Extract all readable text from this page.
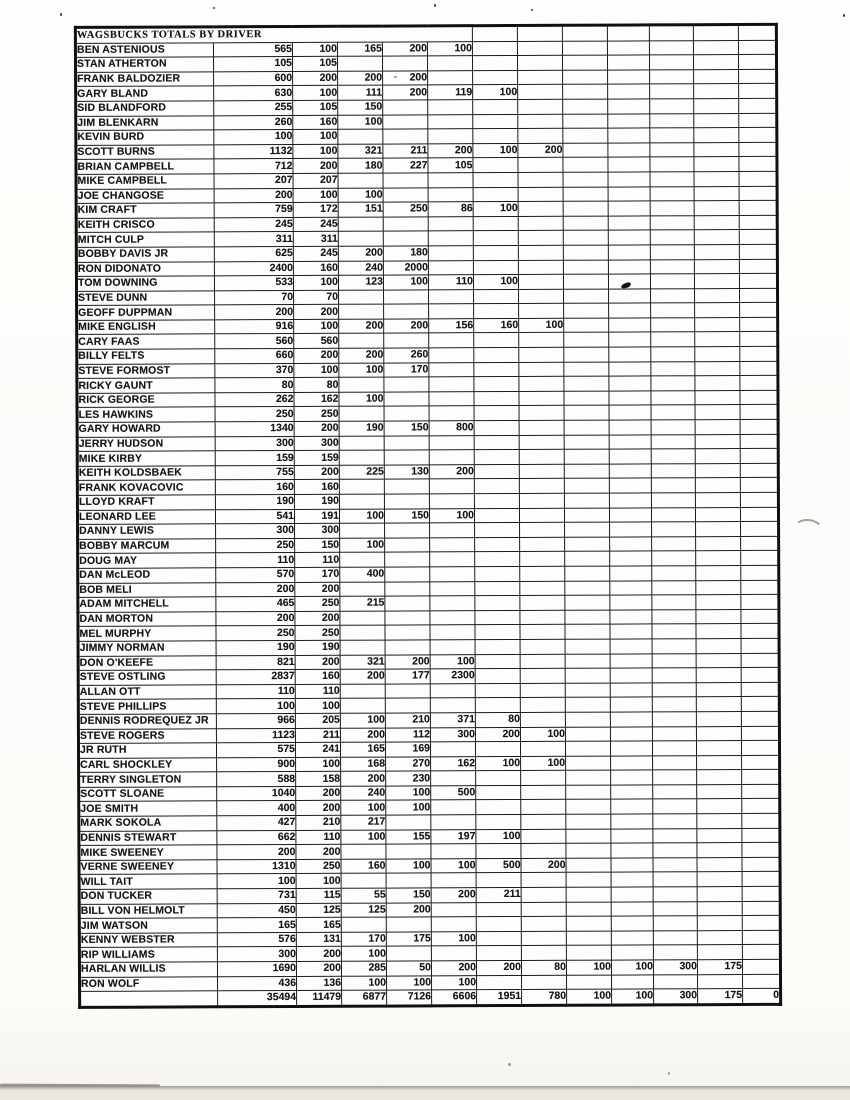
WAGSBUCKS TOTALS BY DRIVER												
BEN ASTENIOUS	565	100	165	200	100							
STAN ATHERTON	105	105										
FRANK BALDOZIER	600	200	200	200								
GARY BLAND	630	100	111	200	119	100						
SID BLANDFORD	255	105	150									
JIM BLENKARN	260	160	100									
KEVIN BURD	100	100										
SCOTT BURNS	1132	100	321	211	200	100	200					
BRIAN CAMPBELL	712	200	180	227	105							
MIKE CAMPBELL	207	207										
JOE CHANGOSE	200	100	100									
KIM CRAFT	759	172	151	250	86	100						
KEITH CRISCO	245	245										
MITCH CULP	311	311										
BOBBY DAVIS JR	625	245	200	180								
RON DIDONATO	2400	160	240	2000								
TOM DOWNING	533	100	123	100	110	100						
STEVE DUNN	70	70										
GEOFF DUPPMAN	200	200										
MIKE ENGLISH	916	100	200	200	156	160	100					
CARY FAAS	560	560										
BILLY FELTS	660	200	200	260								
STEVE FORMOST	370	100	100	170								
RICKY GAUNT	80	80										
RICK GEORGE	262	162	100									
LES HAWKINS	250	250										
GARY HOWARD	1340	200	190	150	800							
JERRY HUDSON	300	300										
MIKE KIRBY	159	159										
KEITH KOLDSBAEK	755	200	225	130	200							
FRANK KOVACOVIC	160	160										
LLOYD KRAFT	190	190										
LEONARD LEE	541	191	100	150	100							
DANNY LEWIS	300	300										
BOBBY MARCUM	250	150	100									
DOUG MAY	110	110										
DAN McLEOD	570	170	400									
BOB MELI	200	200										
ADAM MITCHELL	465	250	215									
DAN MORTON	200	200										
MEL MURPHY	250	250										
JIMMY NORMAN	190	190										
DON O'KEEFE	821	200	321	200	100							
STEVE OSTLING	2837	160	200	177	2300							
ALLAN OTT	110	110										
STEVE PHILLIPS	100	100										
DENNIS RODREQUEZ JR	966	205	100	210	371	80						
STEVE ROGERS	1123	211	200	112	300	200	100					
JR RUTH	575	241	165	169								
CARL SHOCKLEY	900	100	168	270	162	100	100					
TERRY SINGLETON	588	158	200	230								
SCOTT SLOANE	1040	200	240	100	500							
JOE SMITH	400	200	100	100								
MARK SOKOLA	427	210	217									
DENNIS STEWART	662	110	100	155	197	100						
MIKE SWEENEY	200	200										
VERNE SWEENEY	1310	250	160	100	100	500	200					
WILL TAIT	100	100										
DON TUCKER	731	115	55	150	200	211						
BILL VON HELMOLT	450	125	125	200								
JIM WATSON	165	165										
KENNY WEBSTER	576	131	170	175	100							
RIP WILLIAMS	300	200	100									
HARLAN WILLIS	1690	200	285	50	200	200	80	100	100	300	175	
RON WOLF	436	136	100	100	100							
	35494	11479	6877	7126	6606	1951	780	100	100	300	175	0
